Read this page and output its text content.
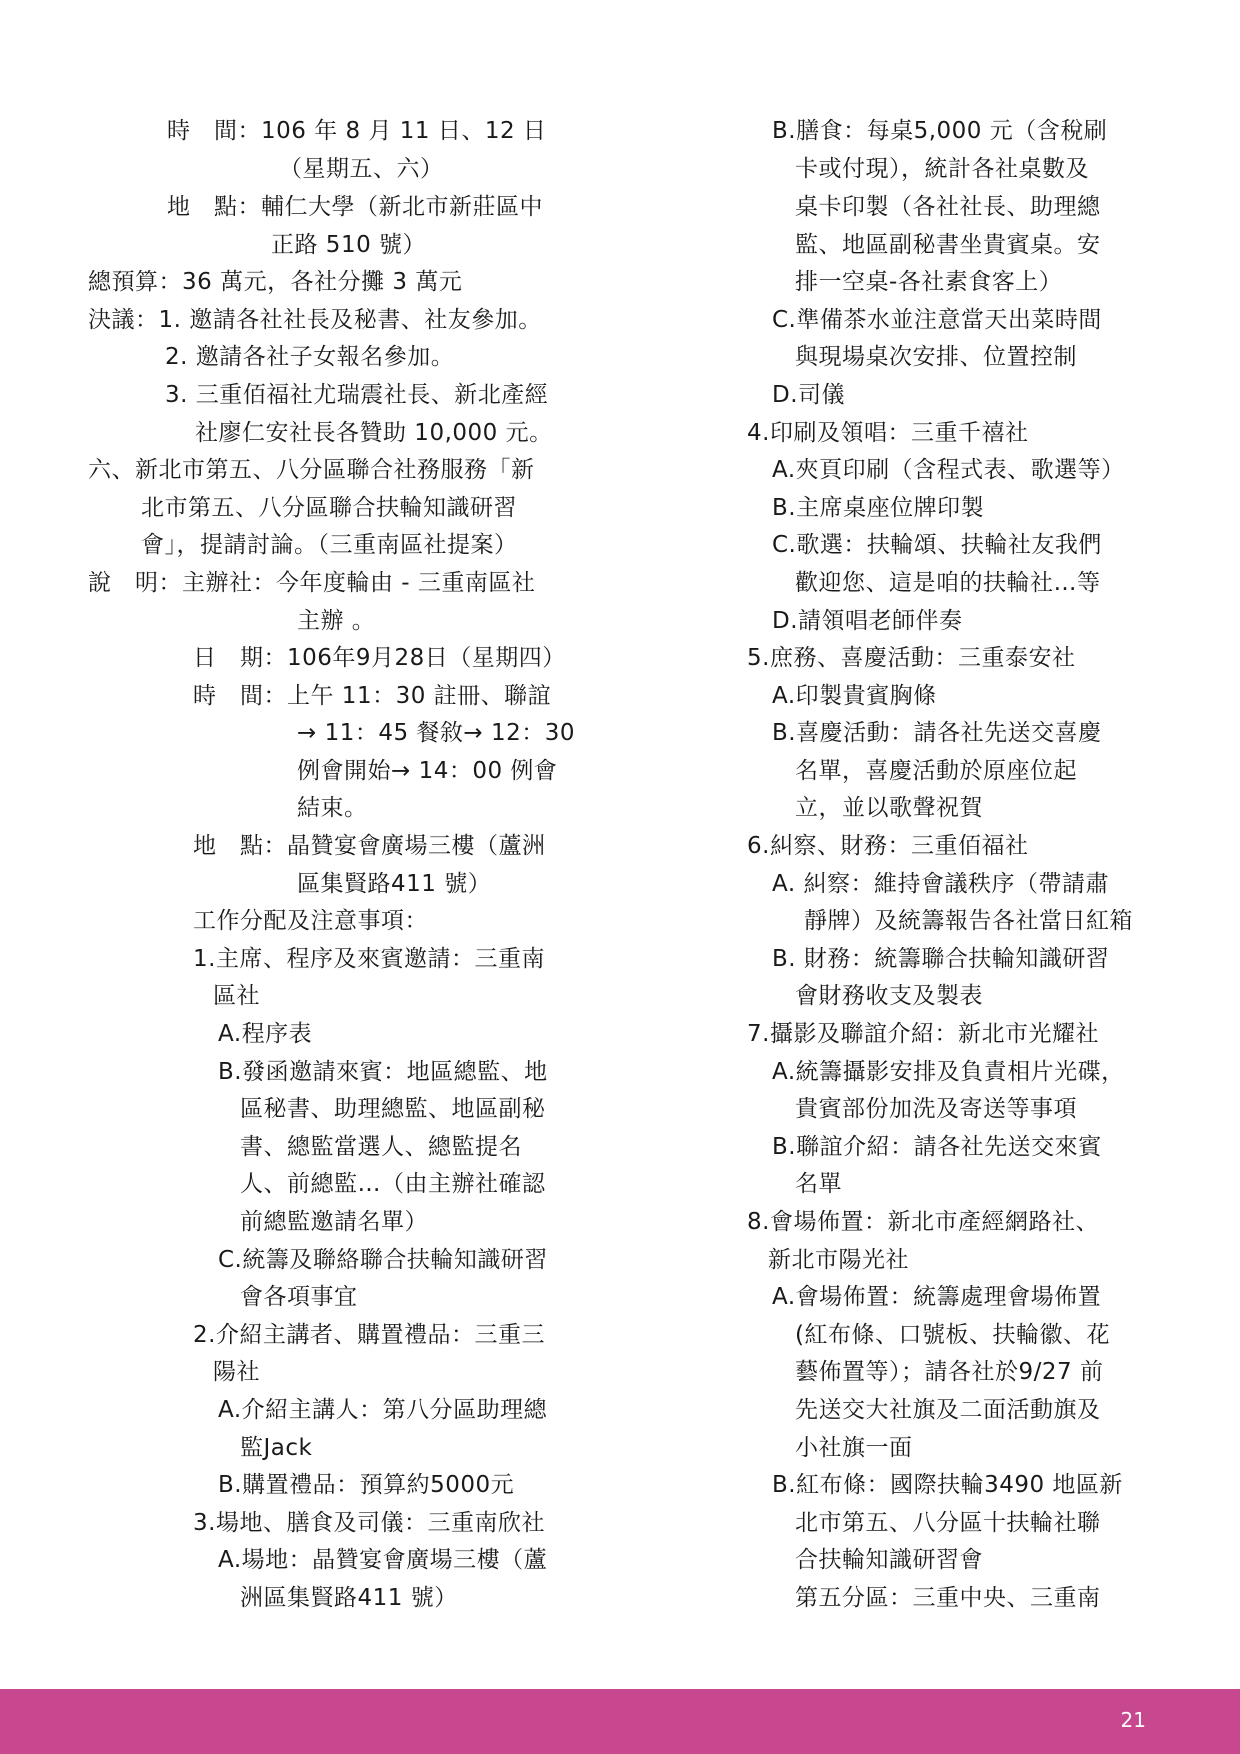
時　間：106 年 8 月 11 日、12 日
（星期五、六）
地　點：輔仁大學（新北市新莊區中
正路 510 號）
總預算：36 萬元，各社分攤 3 萬元
決議：1. 邀請各社社長及秘書、社友參加。
2. 邀請各社子女報名參加。
3. 三重佰福社尤瑞震社長、新北產經
社廖仁安社長各贊助 10,000 元。
六、新北市第五、八分區聯合社務服務「新
北市第五、八分區聯合扶輪知識研習
會」，提請討論。（三重南區社提案）
說　明：主辦社：今年度輪由 - 三重南區社
主辦 。
日　期：106年9月28日（星期四）
時　間：上午 11：30 註冊、聯誼
→ 11：45 餐敘→ 12：30
例會開始→ 14：00 例會
結束。
地　點：晶贊宴會廣場三樓（蘆洲
區集賢路411 號）
工作分配及注意事項：
1.主席、程序及來賓邀請：三重南
區社
A.程序表
B.發函邀請來賓：地區總監、地
區秘書、助理總監、地區副秘
書、總監當選人、總監提名
人、前總監…（由主辦社確認
前總監邀請名單）
C.統籌及聯絡聯合扶輪知識研習
會各項事宜
2.介紹主講者、購置禮品：三重三
陽社
A.介紹主講人：第八分區助理總
監Jack
B.購置禮品：預算約5000元
3.場地、膳食及司儀：三重南欣社
A.場地：晶贊宴會廣場三樓（蘆
洲區集賢路411 號）
B.膳食：每桌5,000 元（含稅刷
卡或付現），統計各社桌數及
桌卡印製（各社社長、助理總
監、地區副秘書坐貴賓桌。安
排一空桌-各社素食客上）
C.準備茶水並注意當天出菜時間
與現場桌次安排、位置控制
D.司儀
4.印刷及領唱：三重千禧社
A.夾頁印刷（含程式表、歌選等）
B.主席桌座位牌印製
C.歌選：扶輪頌、扶輪社友我們
歡迎您、這是咱的扶輪社…等
D.請領唱老師伴奏
5.庶務、喜慶活動：三重泰安社
A.印製貴賓胸條
B.喜慶活動：請各社先送交喜慶
名單，喜慶活動於原座位起
立，並以歌聲祝賀
6.糾察、財務：三重佰福社
A. 糾察：維持會議秩序（帶請肅
靜牌）及統籌報告各社當日紅箱
B. 財務：統籌聯合扶輪知識研習
會財務收支及製表
7.攝影及聯誼介紹：新北市光耀社
A.統籌攝影安排及負責相片光碟，
貴賓部份加洗及寄送等事項
B.聯誼介紹：請各社先送交來賓
名單
8.會場佈置：新北市產經網路社、
新北市陽光社
A.會場佈置：統籌處理會場佈置
(紅布條、口號板、扶輪徽、花
藝佈置等）；請各社於9/27 前
先送交大社旗及二面活動旗及
小社旗一面
B.紅布條：國際扶輪3490 地區新
北市第五、八分區十扶輪社聯
合扶輪知識研習會
第五分區：三重中央、三重南
21
